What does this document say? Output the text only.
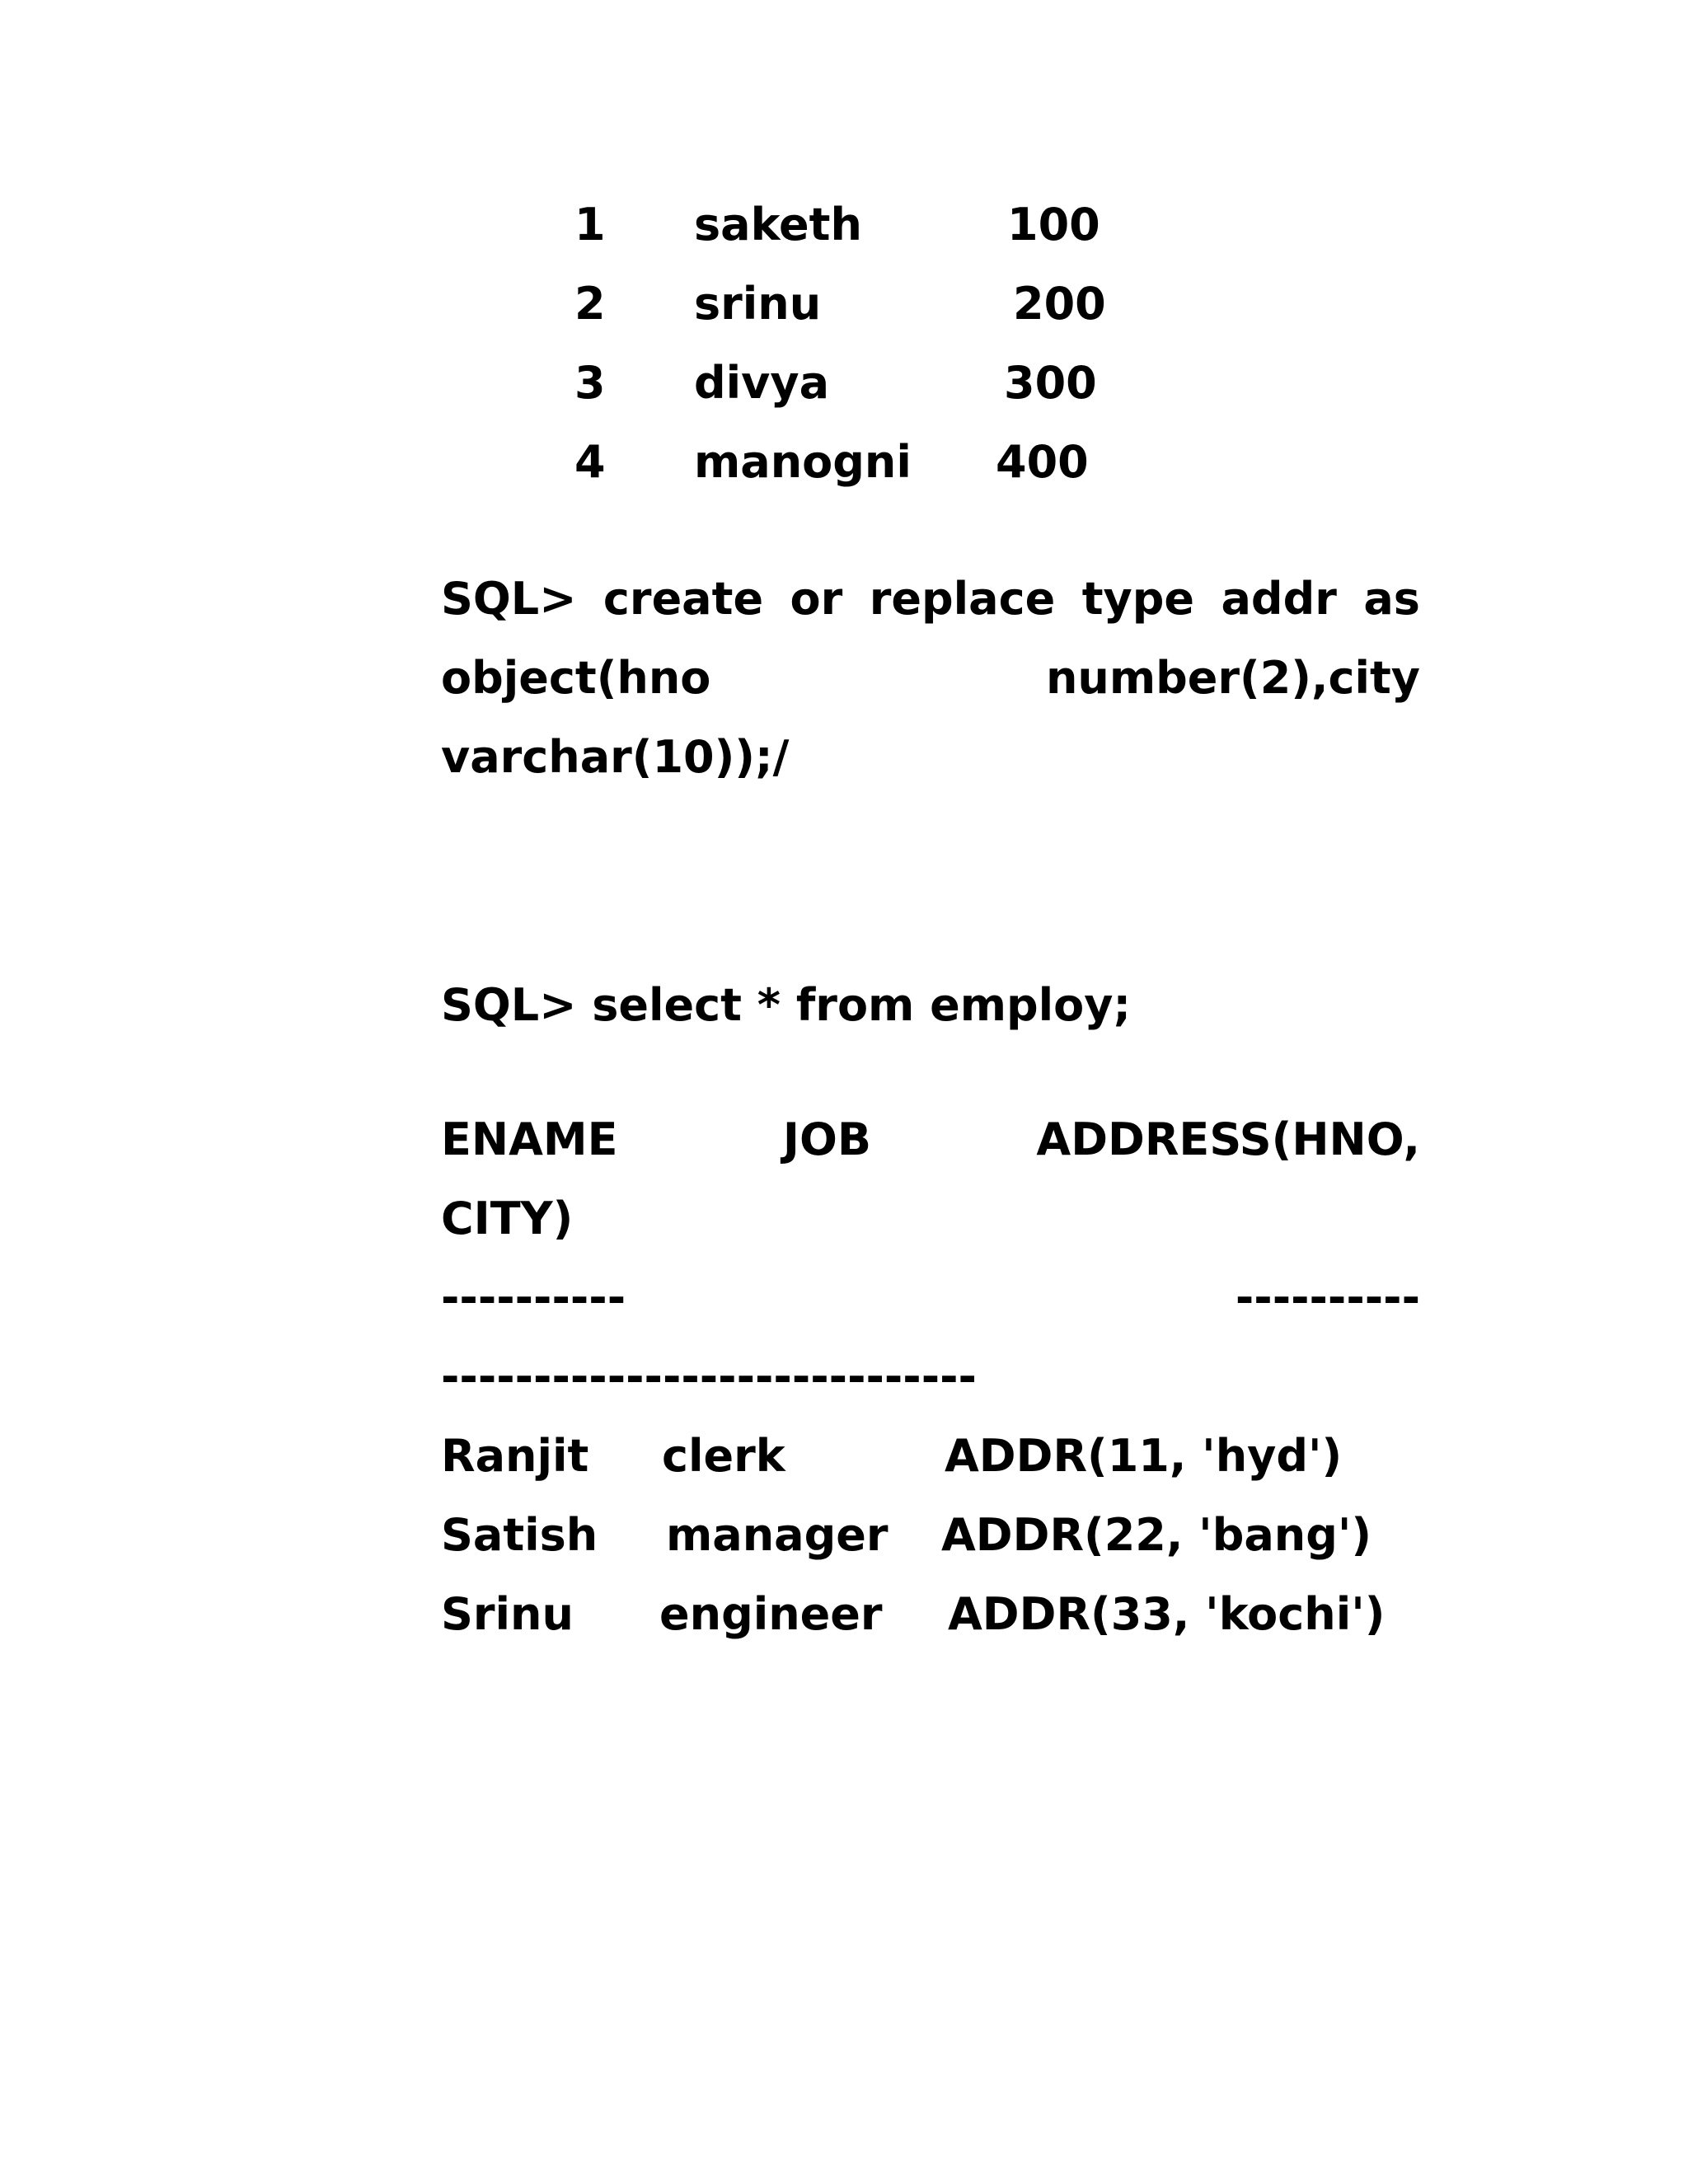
1 saketh	100
2 srinu	200
3 divya	300
4 manogni 400
SQL> create or replace type addr as
object(hno	number(2),city
varchar(10));/
SQL> select * from employ;
ENAME	JOB	ADDRESS(HNO,
CITY)
----------	----------
-----------------------------
Ranjit clerk	ADDR(11, 'hyd')
Satish manager ADDR(22, 'bang')
Srinu engineer ADDR(33, 'kochi')
